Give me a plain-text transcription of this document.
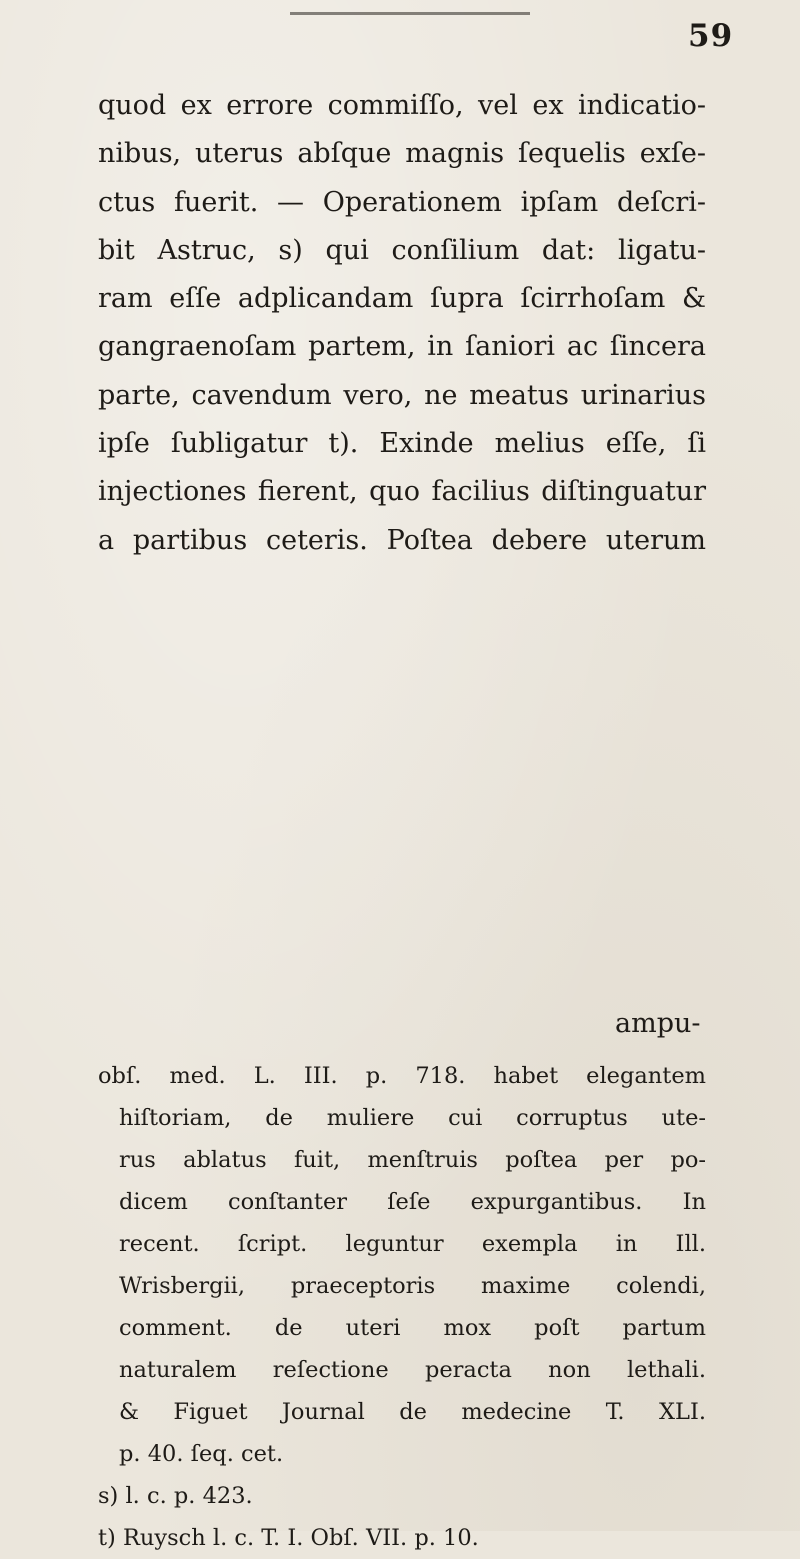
59
quod ex errore commiſſo, vel ex indicatio-
nibus, uterus abſque magnis ſequelis exſe-
ctus fuerit. — Operationem ipſam deſcri-
bit Astruc, s) qui conſilium dat: ligatu-
ram eſſe adplicandam ſupra ſcirrhoſam &
gangraenoſam partem, in ſaniori ac ſincera
parte, cavendum vero, ne meatus urinarius
ipſe ſubligatur t). Exinde melius eſſe, ſi
injectiones fierent, quo facilius diſtinguatur
a partibus ceteris. Poſtea debere uterum
ampu-
obſ. med. L. III. p. 718. habet elegantem
hiſtoriam, de muliere cui corruptus ute-
rus ablatus fuit, menſtruis poſtea per po-
dicem conſtanter ſeſe expurgantibus. In
recent. ſcript. leguntur exempla in Ill.
Wrisbergii, praeceptoris maxime colendi,
comment. de uteri mox poſt partum
naturalem reſectione peracta non lethali.
& Figuet Journal de medecine T. XLI.
p. 40. ſeq. cet.
s) l. c. p. 423.
t) Ruysch l. c. T. I. Obſ. VII. p. 10.
